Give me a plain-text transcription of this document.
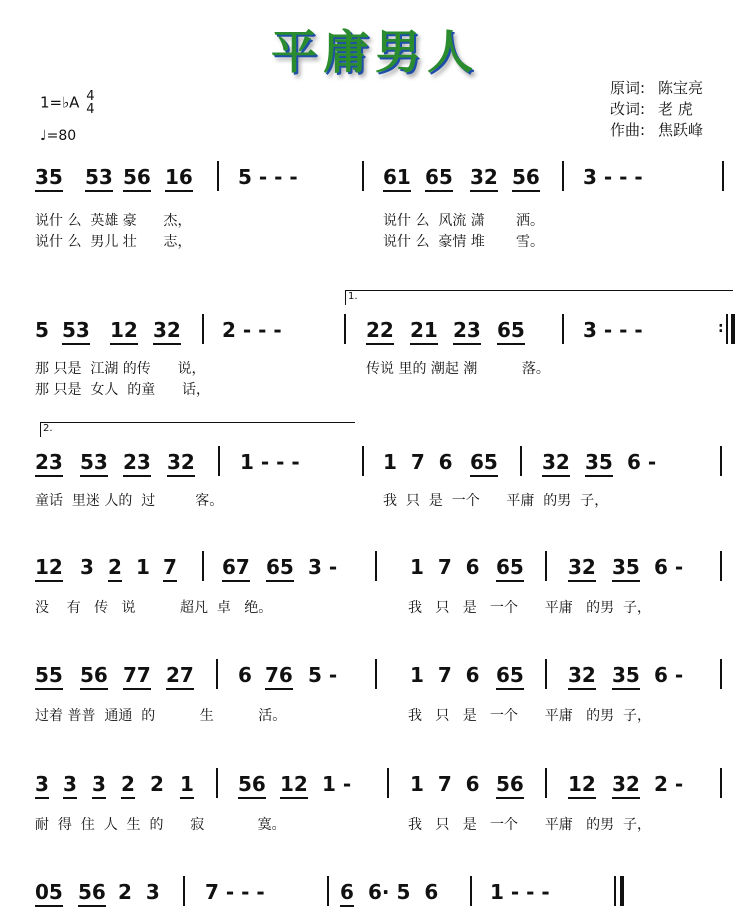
平庸男人
1=♭A 4
4
♩=80
原词: 陈宝亮
改词: 老 虎
作曲: 焦跃峰
35 53 56 16 5 - - -	61 65 32 56 3 - - -
说什 么  英雄 豪      杰，	说什 么  风流 潇       洒。
说什 么  男儿 壮      志，	说什 么  豪情 堆       雪。
1.
5 53 12 32 2 - - -	22 21 23 65	3 - - -	:
那 只是  江湖 的传      说，	传说 里的 潮起 潮          落。
那 只是  女人  的童      话，
2.
23 53 23 32 1 - - -	1  7  6 65 32 35 6 -
童话  里迷 人的  过         客。	我  只  是  一个      平庸  的男  子，
12 3 2 1 7 67 65 3 -	1  7  6 65 32 35 6 -
没    有   传   说          超凡  卓   绝。	我   只   是   一个      平庸   的男  子，
55 56 77 27 6 76 5 -	1  7  6 65 32 35 6 -
过着 普普  通通  的          生          活。	我   只   是   一个      平庸   的男  子，
3 3 3 2 2 1 56 12 1 -	1  7  6 56 12 32 2 -
耐  得  住  人  生  的      寂            寞。	我   只   是   一个      平庸   的男  子，
05 56 2  3 7 - - -	6 6· 5  6	1 - - -
